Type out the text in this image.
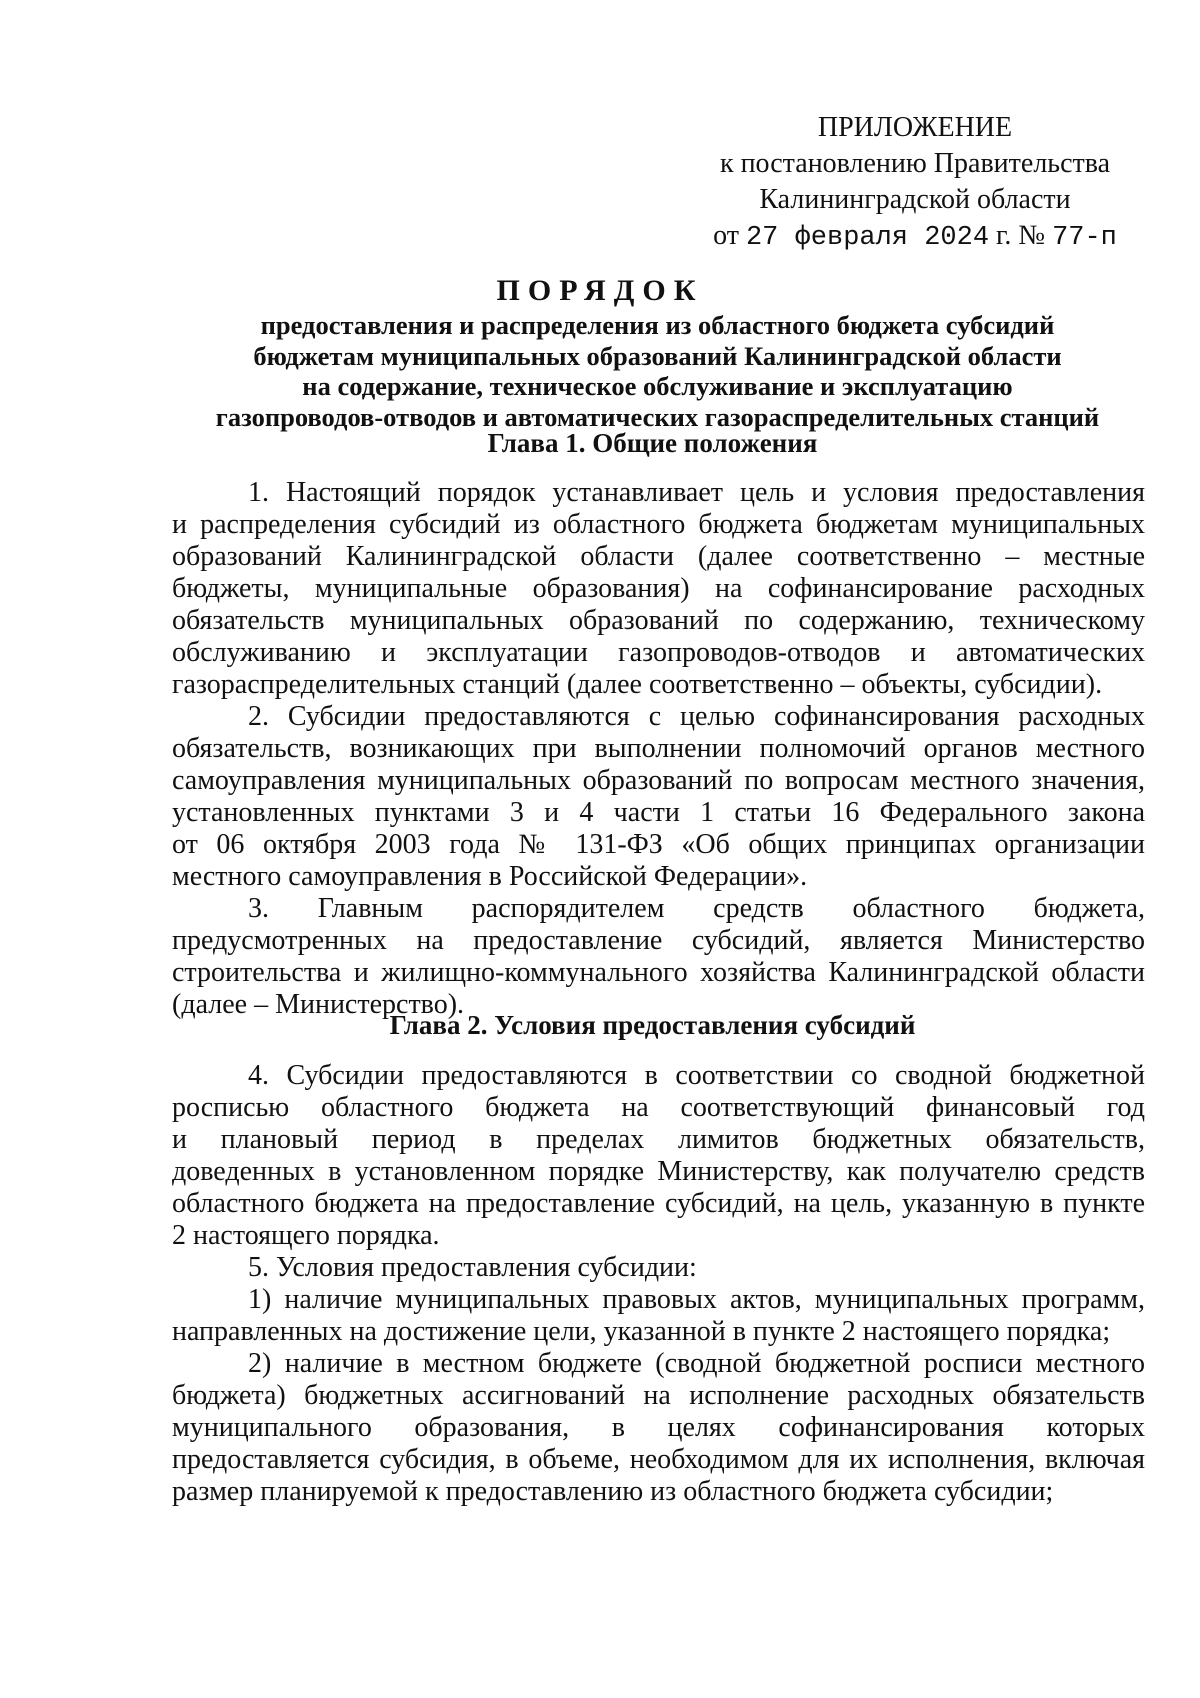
ПРИЛОЖЕНИЕ
к постановлению Правительства
Калининградской области
от 27 февраля 2024 г. № 77-п
ПОРЯДОК
предоставления и распределения из областного бюджета субсидий
бюджетам муниципальных образований Калининградской области
на содержание, техническое обслуживание и эксплуатацию
газопроводов-отводов и автоматических газораспределительных станций
Глава 1. Общие положения
1. Настоящий порядок устанавливает цель и условия предоставления
и распределения субсидий из областного бюджета бюджетам муниципальных
образований Калининградской области (далее соответственно – местные
бюджеты, муниципальные образования) на софинансирование расходных
обязательств муниципальных образований по содержанию, техническому
обслуживанию и эксплуатации газопроводов-отводов и автоматических
газораспределительных станций (далее соответственно – объекты, субсидии).
2. Субсидии предоставляются с целью софинансирования расходных
обязательств, возникающих при выполнении полномочий органов местного
самоуправления муниципальных образований по вопросам местного значения,
установленных пунктами 3 и 4 части 1 статьи 16 Федерального закона
от 06 октября 2003 года № 131-ФЗ «Об общих принципах организации
местного самоуправления в Российской Федерации».
3. Главным распорядителем средств областного бюджета,
предусмотренных на предоставление субсидий, является Министерство
строительства и жилищно-коммунального хозяйства Калининградской области
(далее – Министерство).
Глава 2. Условия предоставления субсидий
4. Субсидии предоставляются в соответствии со сводной бюджетной
росписью областного бюджета на соответствующий финансовый год
и плановый период в пределах лимитов бюджетных обязательств,
доведенных в установленном порядке Министерству, как получателю средств
областного бюджета на предоставление субсидий, на цель, указанную в пункте
2 настоящего порядка.
5. Условия предоставления субсидии:
1) наличие муниципальных правовых актов, муниципальных программ,
направленных на достижение цели, указанной в пункте 2 настоящего порядка;
2) наличие в местном бюджете (сводной бюджетной росписи местного
бюджета) бюджетных ассигнований на исполнение расходных обязательств
муниципального образования, в целях софинансирования которых
предоставляется субсидия, в объеме, необходимом для их исполнения, включая
размер планируемой к предоставлению из областного бюджета субсидии;
